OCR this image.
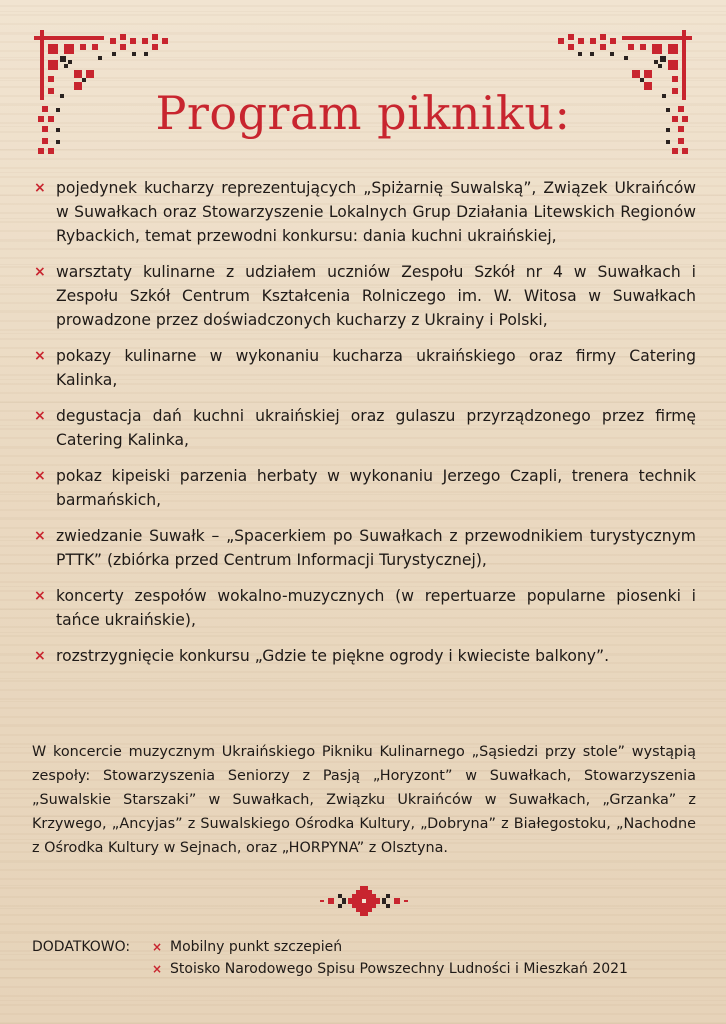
Program pikniku:
× pojedynek kucharzy reprezentujących „Spiżarnię Suwalską”, Związek Ukraińców w Suwałkach oraz Stowarzyszenie Lokalnych Grup Działania Litewskich Regionów Rybackich, temat przewodni konkursu: dania kuchni ukraińskiej,
× warsztaty kulinarne z udziałem uczniów Zespołu Szkół nr 4 w Suwałkach i Zespołu Szkół Centrum Kształcenia Rolniczego im. W. Witosa w Suwałkach prowadzone przez doświadczonych kucharzy z Ukrainy i Polski,
× pokazy kulinarne w wykonaniu kucharza ukraińskiego oraz firmy Catering Kalinka,
× degustacja dań kuchni ukraińskiej oraz gulaszu przyrządzonego przez firmę Catering Kalinka,
× pokaz kipeiski parzenia herbaty w wykonaniu Jerzego Czapli, trenera technik barmańskich,
× zwiedzanie Suwałk – „Spacerkiem po Suwałkach z przewodnikiem turystycznym PTTK” (zbiórka przed Centrum Informacji Turystycznej),
× koncerty zespołów wokalno-muzycznych (w repertuarze popularne piosenki i tańce ukraińskie),
× rozstrzygnięcie konkursu „Gdzie te piękne ogrody i kwieciste balkony”.

W koncercie muzycznym Ukraińskiego Pikniku Kulinarnego „Sąsiedzi przy stole” wystąpią zespoły: Stowarzyszenia Seniorzy z Pasją „Horyzont” w Suwałkach, Stowarzyszenia „Suwalskie Starszaki” w Suwałkach, Związku Ukraińców w Suwałkach, „Grzanka” z Krzywego, „Ancyjas” z Suwalskiego Ośrodka Kultury, „Dobryna” z Białegostoku, „Nachodne z Ośrodka Kultury w Sejnach, oraz „HORPYNA” z Olsztyna.

DODATKOWO: × Mobilny punkt szczepień
× Stoisko Narodowego Spisu Powszechny Ludności i Mieszkań 2021
